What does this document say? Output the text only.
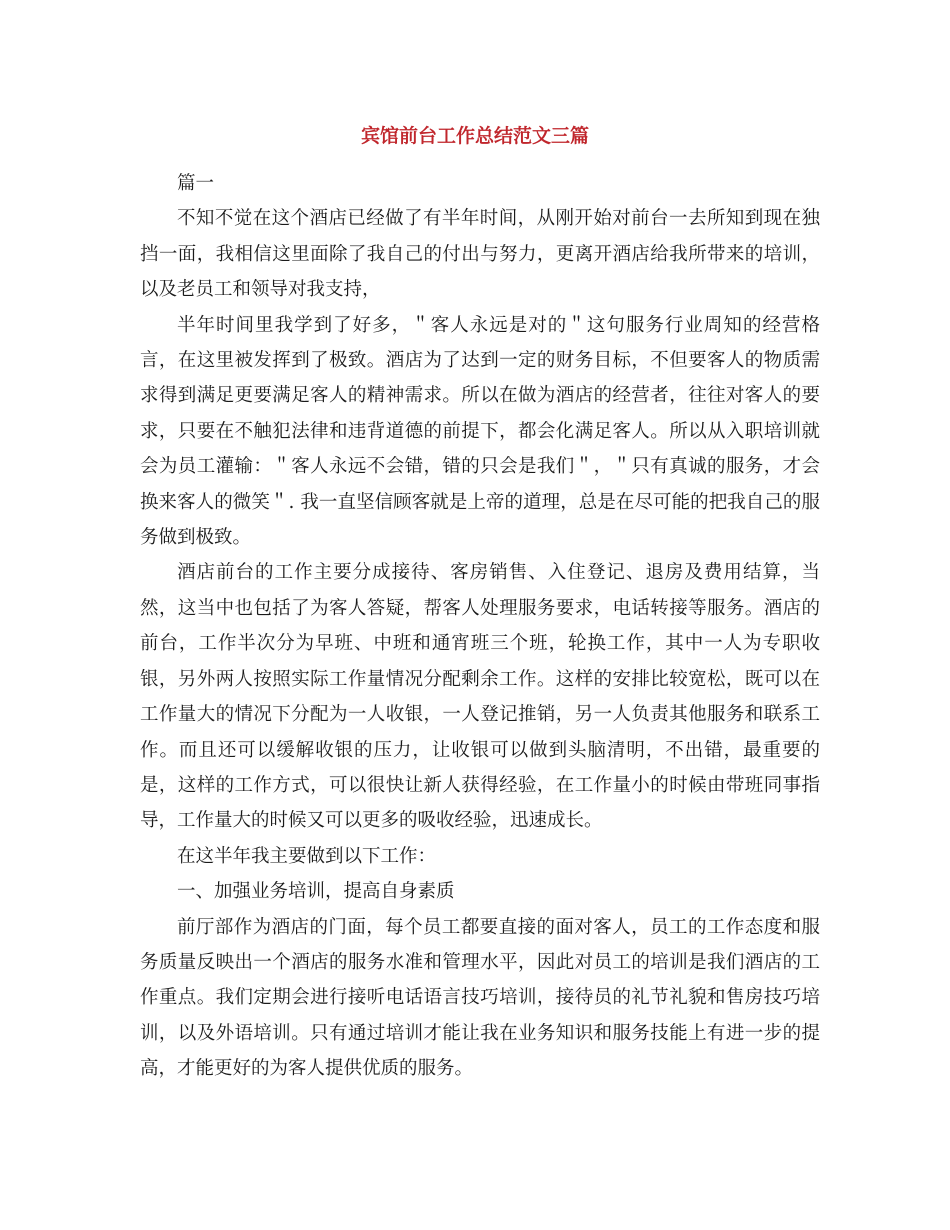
宾馆前台工作总结范文三篇

篇一

不知不觉在这个酒店已经做了有半年时间，从刚开始对前台一去所知到现在独挡一面，我相信这里面除了我自己的付出与努力，更离开酒店给我所带来的培训，以及老员工和领导对我支持，

半年时间里我学到了好多，＂客人永远是对的＂这句服务行业周知的经营格言，在这里被发挥到了极致。酒店为了达到一定的财务目标，不但要客人的物质需求得到满足更要满足客人的精神需求。所以在做为酒店的经营者，往往对客人的要求，只要在不触犯法律和违背道德的前提下，都会化满足客人。所以从入职培训就会为员工灌输：＂客人永远不会错，错的只会是我们＂，＂只有真诚的服务，才会换来客人的微笑＂. 我一直坚信顾客就是上帝的道理，总是在尽可能的把我自己的服务做到极致。

酒店前台的工作主要分成接待、客房销售、入住登记、退房及费用结算，当然，这当中也包括了为客人答疑，帮客人处理服务要求，电话转接等服务。酒店的前台，工作半次分为早班、中班和通宵班三个班，轮换工作，其中一人为专职收银，另外两人按照实际工作量情况分配剩余工作。这样的安排比较宽松，既可以在工作量大的情况下分配为一人收银，一人登记推销，另一人负责其他服务和联系工作。而且还可以缓解收银的压力，让收银可以做到头脑清明，不出错，最重要的是，这样的工作方式，可以很快让新人获得经验，在工作量小的时候由带班同事指导，工作量大的时候又可以更多的吸收经验，迅速成长。

在这半年我主要做到以下工作：

一、加强业务培训，提高自身素质

前厅部作为酒店的门面，每个员工都要直接的面对客人，员工的工作态度和服务质量反映出一个酒店的服务水准和管理水平，因此对员工的培训是我们酒店的工作重点。我们定期会进行接听电话语言技巧培训，接待员的礼节礼貌和售房技巧培训，以及外语培训。只有通过培训才能让我在业务知识和服务技能上有进一步的提高，才能更好的为客人提供优质的服务。
